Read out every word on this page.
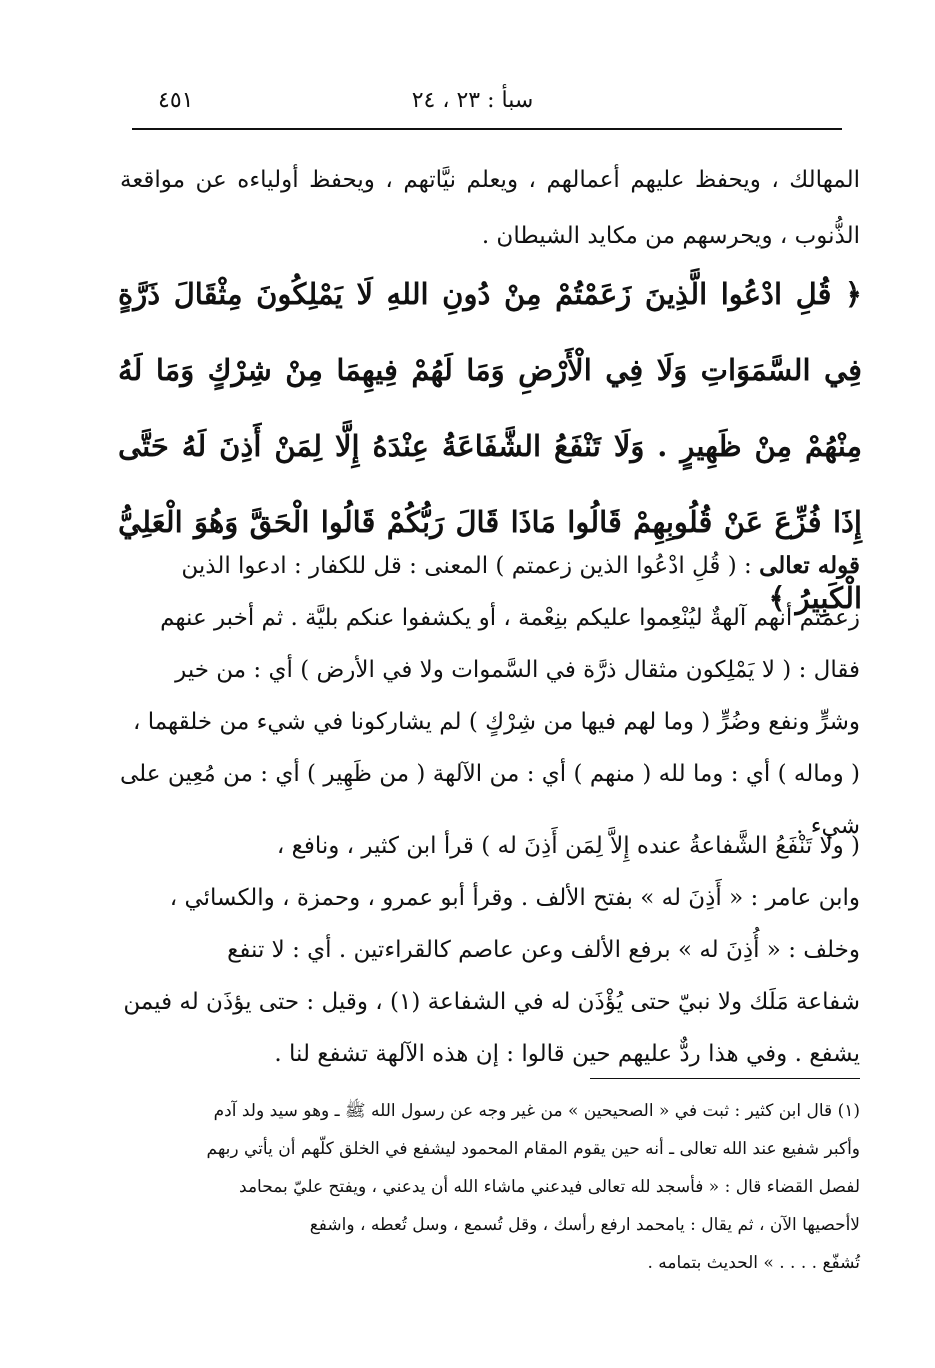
سبأ : ٢٣ ، ٢٤
٤٥١
المهالك ، ويحفظ عليهم أعمالهم ، ويعلم نيَّاتهم ، ويحفظ أولياءه عن مواقعة الذُّنوب ، ويحرسهم من مكايد الشيطان .
﴿ قُلِ ادْعُوا الَّذِينَ زَعَمْتُمْ مِنْ دُونِ اللهِ لَا يَمْلِكُونَ مِثْقَالَ ذَرَّةٍ فِي السَّمَوَاتِ وَلَا فِي الْأَرْضِ وَمَا لَهُمْ فِيهِمَا مِنْ شِرْكٍ وَمَا لَهُ مِنْهُمْ مِنْ ظَهِيرٍ . وَلَا تَنْفَعُ الشَّفَاعَةُ عِنْدَهُ إِلَّا لِمَنْ أَذِنَ لَهُ حَتَّى إِذَا فُزِّعَ عَنْ قُلُوبِهِمْ قَالُوا مَاذَا قَالَ رَبُّكُمْ قَالُوا الْحَقَّ وَهُوَ الْعَلِيُّ الْكَبِيرُ ﴾
قوله تعالى : ( قُلِ ادْعُوا الذين زعمتم ) المعنى : قل للكفار : ادعوا الذين
زعمتم أنهم آلهةٌ ليُنْعِموا عليكم بنِعْمة ، أو يكشفوا عنكم بليَّة . ثم أخبر عنهم
فقال : ( لا يَمْلِكون مثقال ذرَّة في السَّموات ولا في الأرض ) أي : من خير
وشرٍّ ونفع وضُرٍّ ( وما لهم فيها من شِرْكٍ ) لم يشاركونا في شيء من خلقهما ،
( وماله ) أي : وما لله ( منهم ) أي : من الآلهة ( من ظَهِير ) أي : من مُعِين على شيء .
( ولا تَنْفَعُ الشَّفاعةُ عنده إِلاَّ لِمَن أَذِنَ له ) قرأ ابن كثير ، ونافع ،
وابن عامر : « أَذِنَ له » بفتح الألف . وقرأ أبو عمرو ، وحمزة ، والكسائي ،
وخلف : « أُذِنَ له » برفع الألف وعن عاصم كالقراءتين . أي : لا تنفع
شفاعة مَلَك ولا نبيّ حتى يُؤْذَن له في الشفاعة (١) ، وقيل : حتى يؤذَن له فيمن
يشفع . وفي هذا ردٌّ عليهم حين قالوا : إن هذه الآلهة تشفع لنا .
(١) قال ابن كثير : ثبت في « الصحيحين » من غير وجه عن رسول الله ﷺ ـ وهو سيد ولد آدم
وأكبر شفيع عند الله تعالى ـ أنه حين يقوم المقام المحمود ليشفع في الخلق كلّهم أن يأتي ربهم
لفصل القضاء قال : « فأسجد لله تعالى فيدعني ماشاء الله أن يدعني ، ويفتح عليّ بمحامد
لاأحصيها الآن ، ثم يقال : يامحمد ارفع رأسك ، وقل تُسمع ، وسل تُعطه ، واشفع
تُشفّع . . . . » الحديث بتمامه .
